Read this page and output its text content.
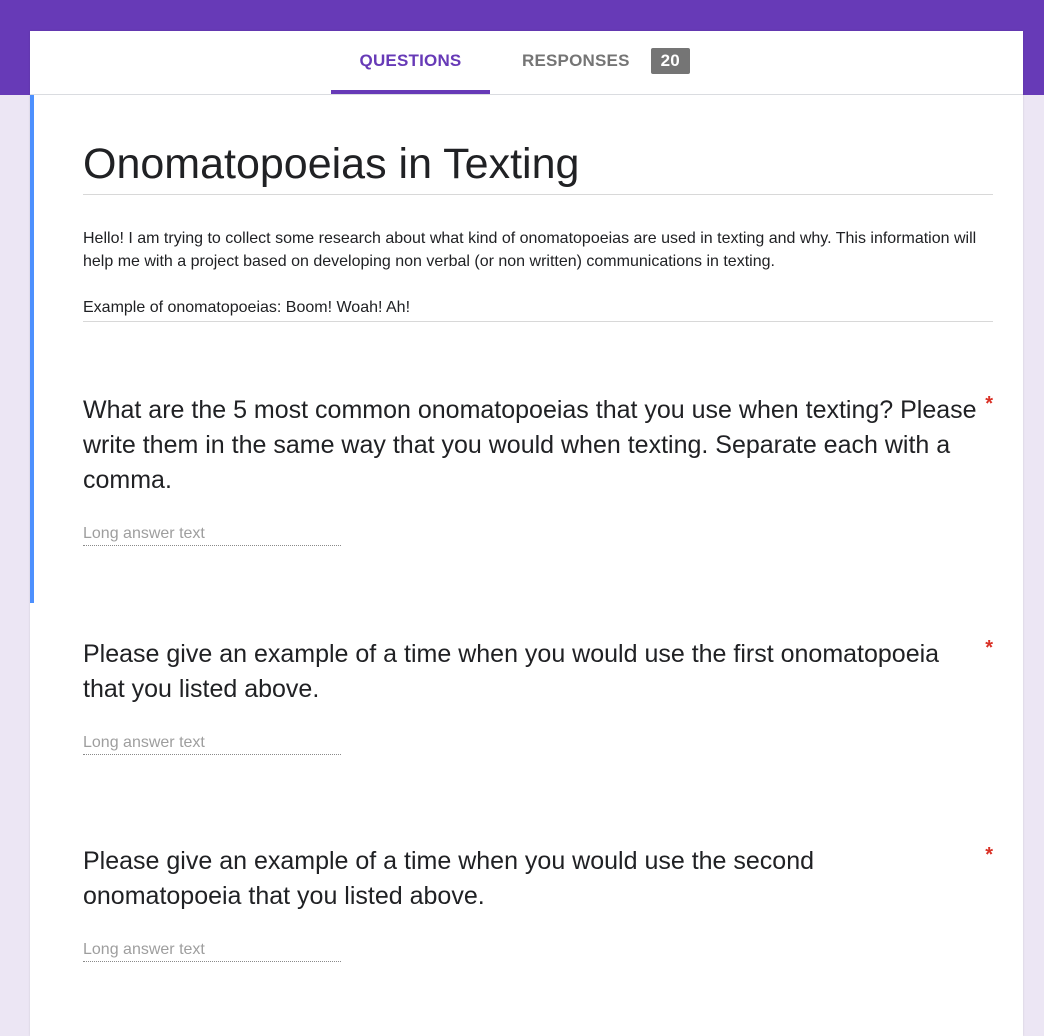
QUESTIONS	RESPONSES	20
Onomatopoeias in Texting

Hello! I am trying to collect some research about what kind of onomatopoeias are used in texting and why. This information will help me with a project based on developing non verbal (or non written) communications in texting.

Example of onomatopoeias: Boom! Woah! Ah!

What are the 5 most common onomatopoeias that you use when texting? Please write them in the same way that you would when texting. Separate each with a comma.
*
Long answer text
Please give an example of a time when you would use the first onomatopoeia that you listed above.
*
Long answer text
Please give an example of a time when you would use the second onomatopoeia that you listed above.
*
Long answer text
